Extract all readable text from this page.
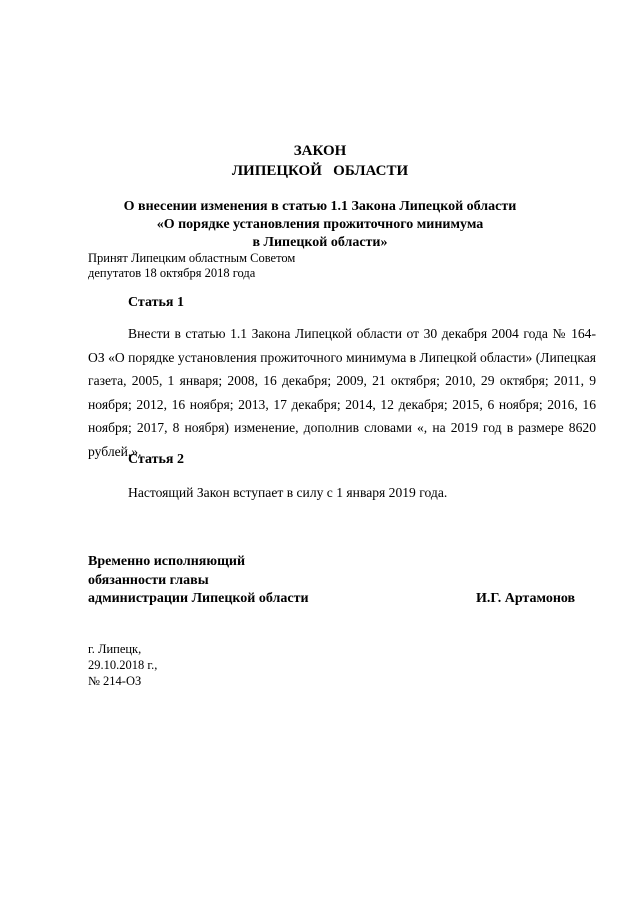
ЗАКОН
ЛИПЕЦКОЙ   ОБЛАСТИ
О внесении изменения в статью 1.1 Закона Липецкой области
«О порядке установления прожиточного минимума
в Липецкой области»
Принят Липецким областным Советом
депутатов 18 октября 2018 года
Статья 1
Внести в статью 1.1 Закона Липецкой области от 30 декабря 2004 года № 164-ОЗ «О порядке установления прожиточного минимума в Липецкой области» (Липецкая газета, 2005, 1 января; 2008, 16 декабря; 2009, 21 октября; 2010, 29 октября; 2011, 9 ноября; 2012, 16 ноября; 2013, 17 декабря; 2014, 12 декабря; 2015, 6 ноября; 2016, 16 ноября; 2017, 8 ноября) изменение, дополнив словами «, на 2019 год в размере 8620 рублей.».
Статья 2
Настоящий Закон вступает в силу с 1 января 2019 года.
Временно исполняющий
обязанности главы
администрации Липецкой области	И.Г. Артамонов
г. Липецк,
29.10.2018 г.,
№ 214-ОЗ
